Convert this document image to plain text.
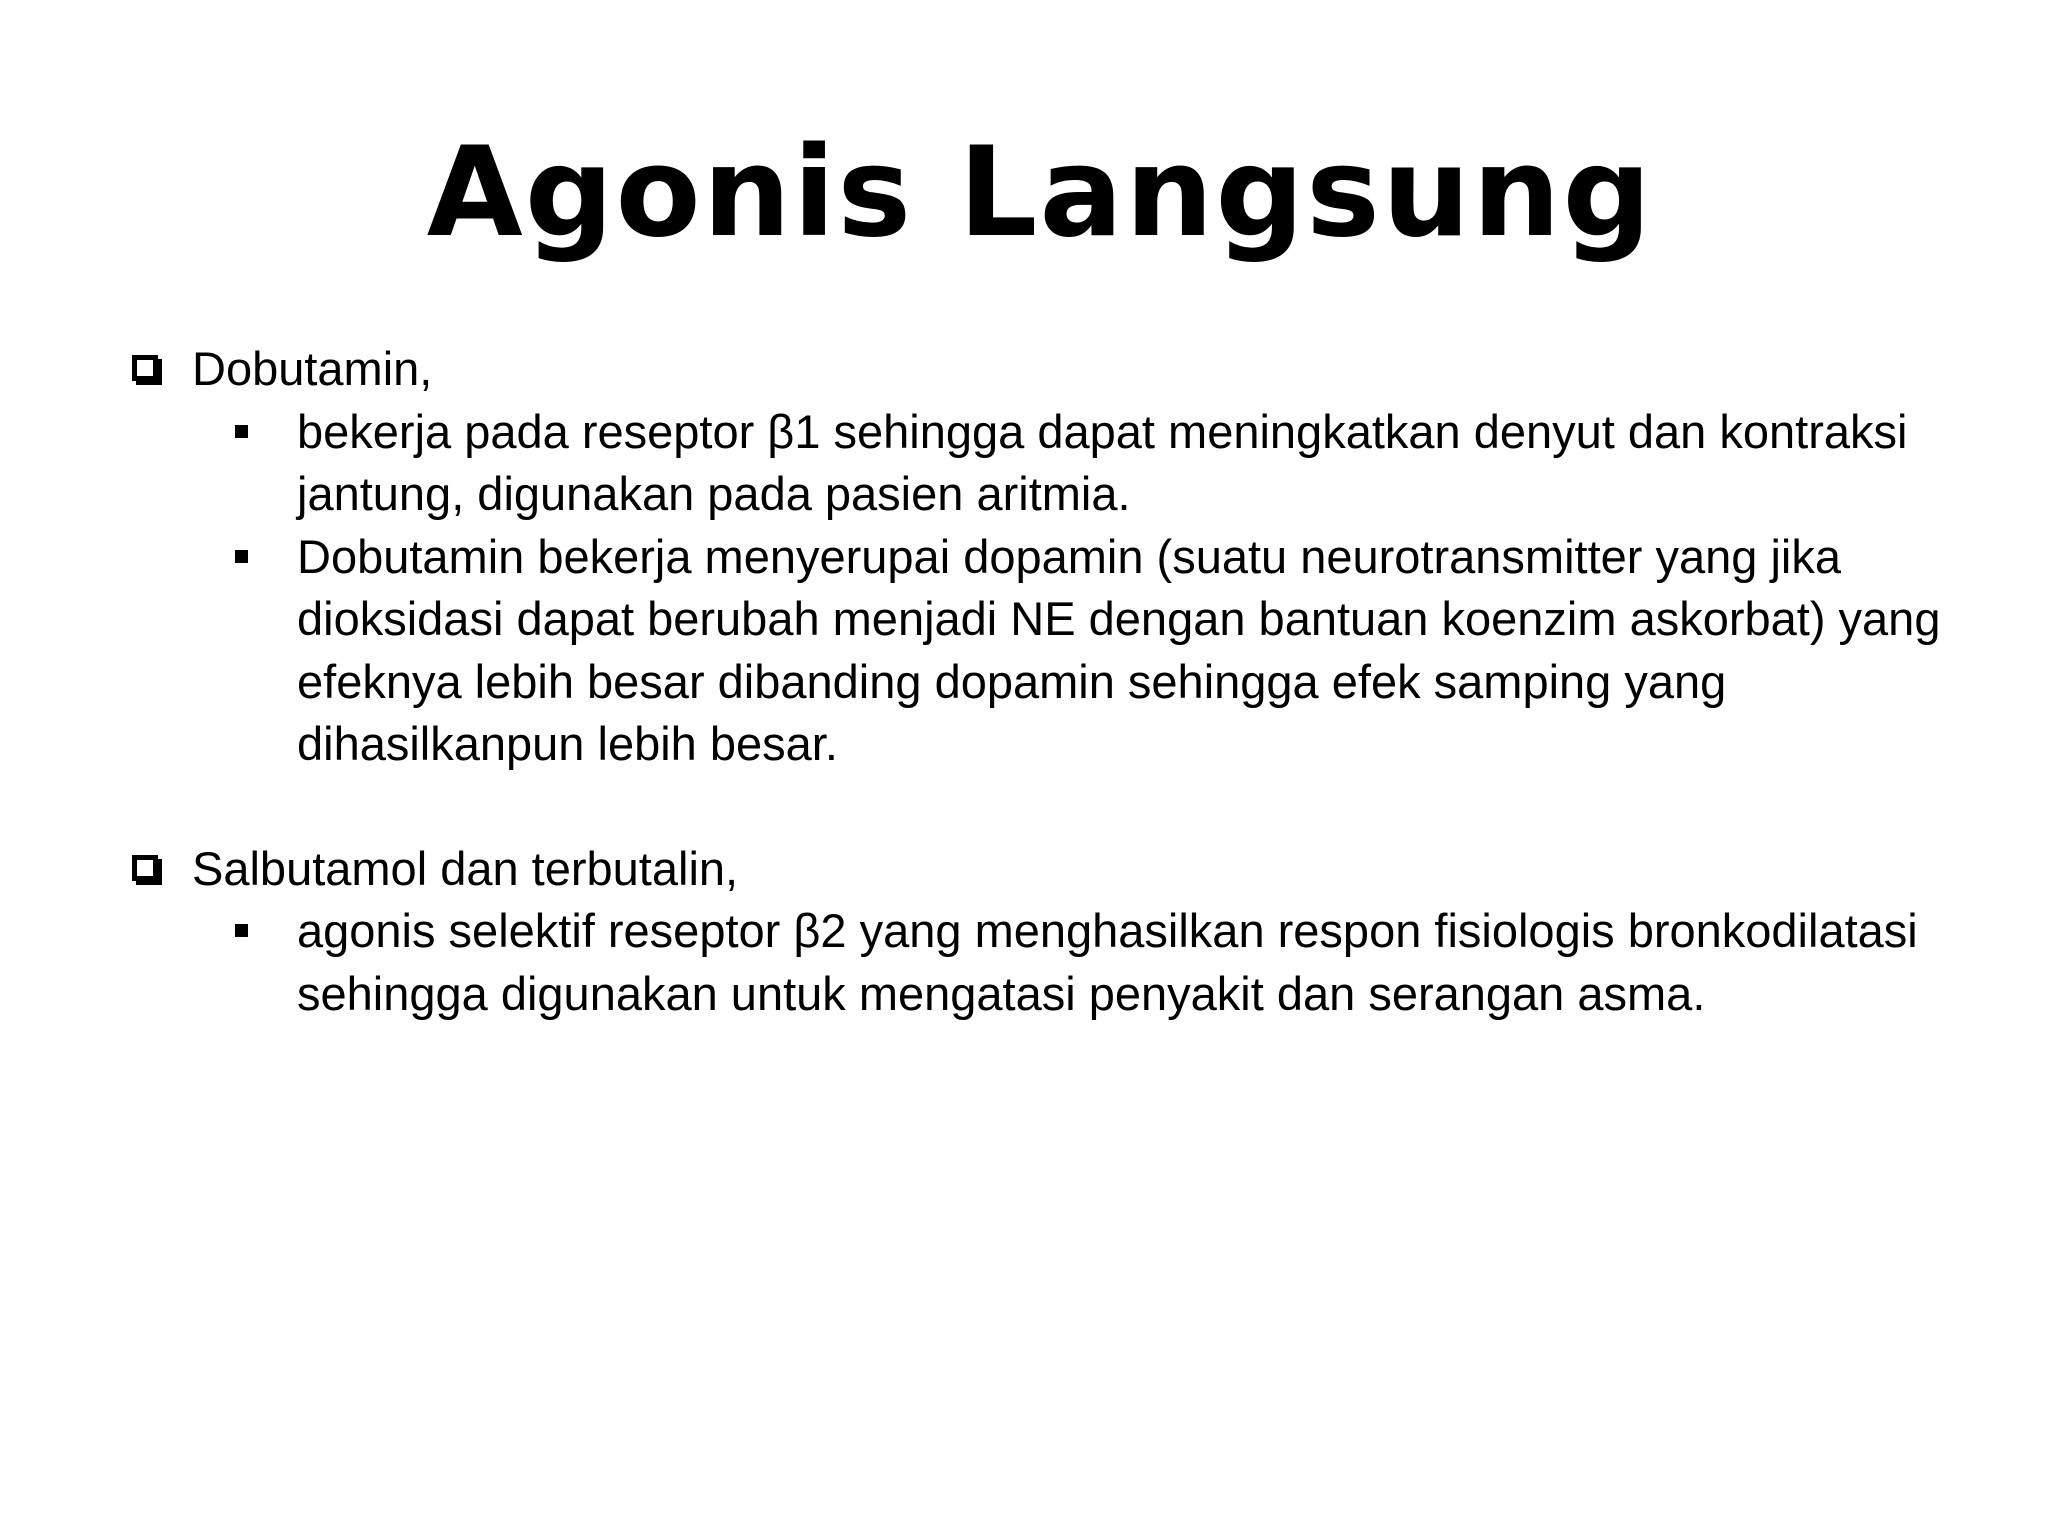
Agonis Langsung
Dobutamin,
bekerja pada reseptor β1 sehingga dapat meningkatkan denyut dan kontraksi jantung, digunakan pada pasien aritmia.
Dobutamin bekerja menyerupai dopamin (suatu neurotransmitter yang jika dioksidasi dapat berubah menjadi NE dengan bantuan koenzim askorbat) yang efeknya lebih besar dibanding dopamin sehingga efek samping yang dihasilkanpun lebih besar.
Salbutamol dan terbutalin,
agonis selektif reseptor β2 yang menghasilkan respon fisiologis bronkodilatasi sehingga digunakan untuk mengatasi penyakit dan serangan asma.
